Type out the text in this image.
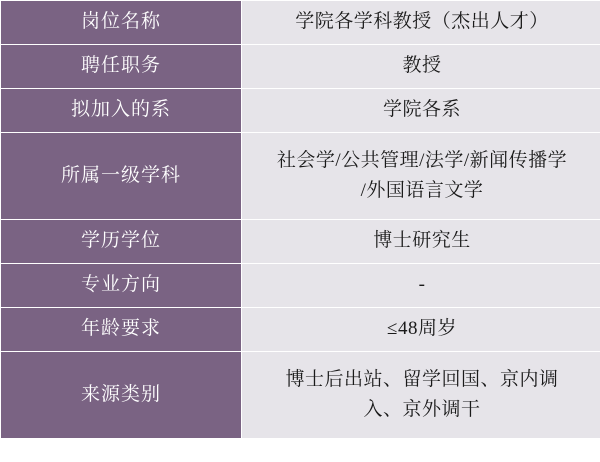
岗位名称	学院各学科教授（杰出人才）

聘任职务	教授

拟加入的系	学院各系

所属一级学科	社会学/公共管理/法学/新闻传播学
/外国语言文学

学历学位	博士研究生

专业方向	-

年龄要求	≤48周岁

来源类别	博士后出站、留学回国、京内调
入、京外调干
